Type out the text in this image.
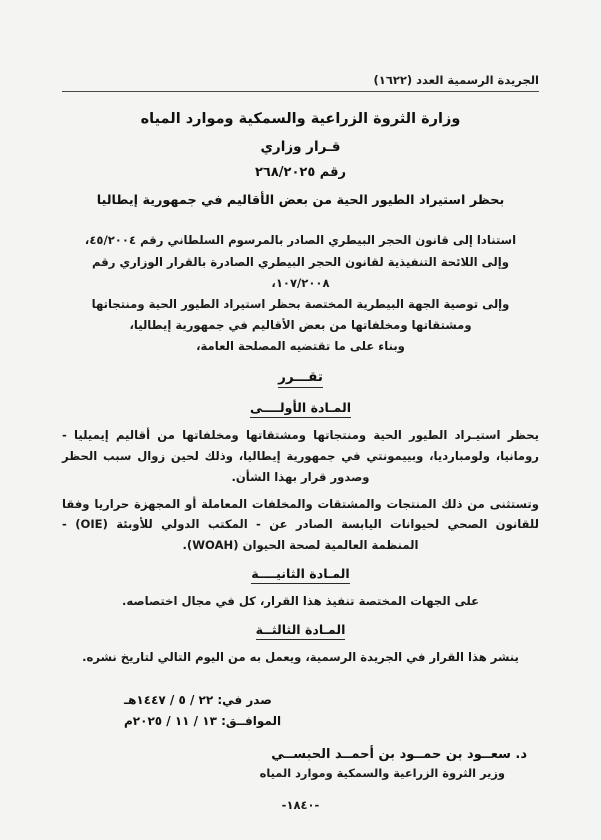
الجريدة الرسمية العدد (١٦٢٢)
وزارة الثروة الزراعية والسمكية وموارد المياه
قـرار وزاري
رقم ٢٦٨/٢٠٢٥
بحظر استيراد الطيور الحية من بعض الأقاليم في جمهورية إيطاليا

استنادا إلى قانون الحجر البيطري الصادر بالمرسوم السلطاني رقم ٤٥/٢٠٠٤،

وإلى اللائحة التنفيذية لقانون الحجر البيطري الصادرة بالقرار الوزاري رقم ١٠٧/٢٠٠٨،

وإلى توصية الجهة البيطرية المختصة بحظر استيراد الطيور الحية ومنتجاتها ومشتقاتها ومخلفاتها من بعض الأقاليم في جمهورية إيطاليا،

وبناء على ما تقتضيه المصلحة العامة،

تقـــرر
المـادة الأولــــى

يحظر استيـراد الطيور الحية ومنتجاتها ومشتقاتها ومخلفاتها من أقاليم إيميليا - رومانيا، ولومبارديا، وبييمونتي في جمهورية إيطاليا، وذلك لحين زوال سبب الحظر وصدور قرار بهذا الشأن.

وتستثنى من ذلك المنتجات والمشتقات والمخلفات المعاملة أو المجهزة حراريا وفقا للقانون الصحي لحيوانات اليابسة الصادر عن - المكتب الدولي للأوبئة (OIE) - المنظمة العالمية لصحة الحيوان (WOAH).

المـادة الثانيــــة

على الجهات المختصة تنفيذ هذا القرار، كل في مجال اختصاصه.

المـادة الثالثــة

ينشر هذا القرار في الجريدة الرسمية، ويعمل به من اليوم التالي لتاريخ نشره.

صدر في: ٢٢ / ٥ / ١٤٤٧هـ
الموافــق: ١٣ / ١١ / ٢٠٢٥م
د. سعــود بن حمــود بن أحمــد الحبســي
وزير الثروة الزراعية والسمكية وموارد المياه
-١٨٤٠-
